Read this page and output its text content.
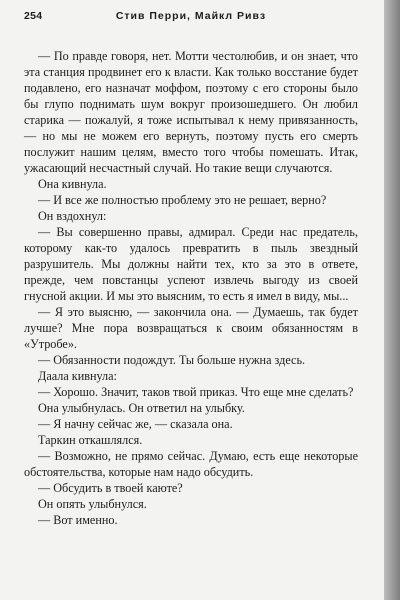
254	Стив Перри, Майкл Ривз

— По правде говоря, нет. Мотти честолюбив, и он знает, что эта станция продвинет его к власти. Как только восстание будет подавлено, его назначат моффом, поэтому с его стороны было бы глупо поднимать шум вокруг произошедшего. Он любил старика — пожалуй, я тоже испытывал к нему привязанность, — но мы не можем его вернуть, поэтому пусть его смерть послужит нашим целям, вместо того чтобы помешать. Итак, ужасающий несчастный случай. Но такие вещи случаются.

Она кивнула.

— И все же полностью проблему это не решает, верно?

Он вздохнул:

— Вы совершенно правы, адмирал. Среди нас предатель, которому как-то удалось превратить в пыль звездный разрушитель. Мы должны найти тех, кто за это в ответе, прежде, чем повстанцы успеют извлечь выгоду из своей гнусной акции. И мы это выясним, то есть я имел в виду, мы...

— Я это выясню, — закончила она. — Думаешь, так будет лучше? Мне пора возвращаться к своим обязанностям в «Утробе».

— Обязанности подождут. Ты больше нужна здесь.

Даала кивнула:

— Хорошо. Значит, таков твой приказ. Что еще мне сделать?

Она улыбнулась. Он ответил на улыбку.

— Я начну сейчас же, — сказала она.

Таркин откашлялся.

— Возможно, не прямо сейчас. Думаю, есть еще некоторые обстоятельства, которые нам надо обсудить.

— Обсудить в твоей каюте?

Он опять улыбнулся.

— Вот именно.
